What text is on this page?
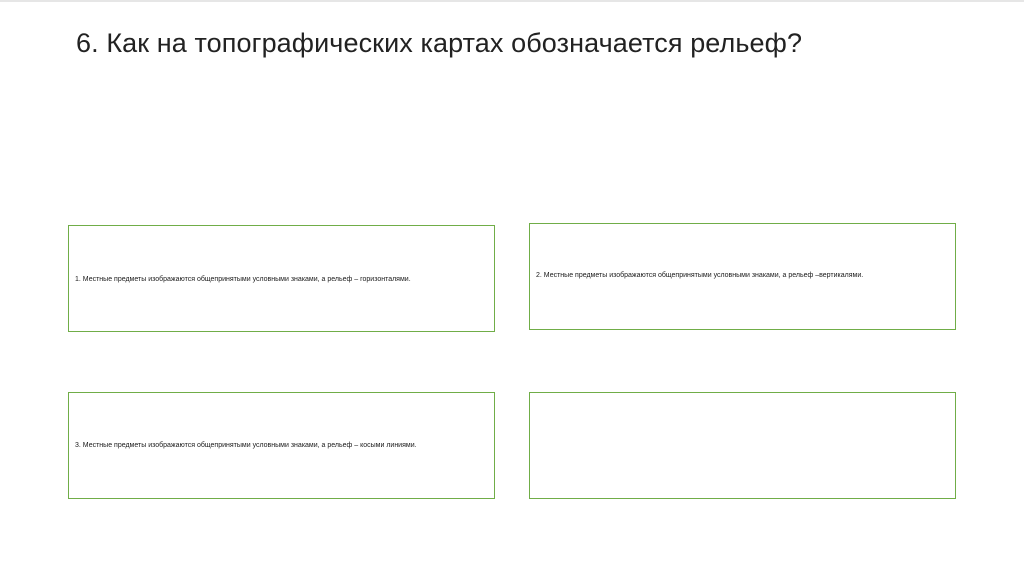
6. Как на топографических картах обозначается рельеф?
1. Местные предметы изображаются общепринятыми условными знаками, а рельеф – горизонталями.
2. Местные предметы изображаются общепринятыми условными знаками, а рельеф –вертикалями.
3. Местные предметы изображаются общепринятыми условными знаками, а рельеф – косыми линиями.
